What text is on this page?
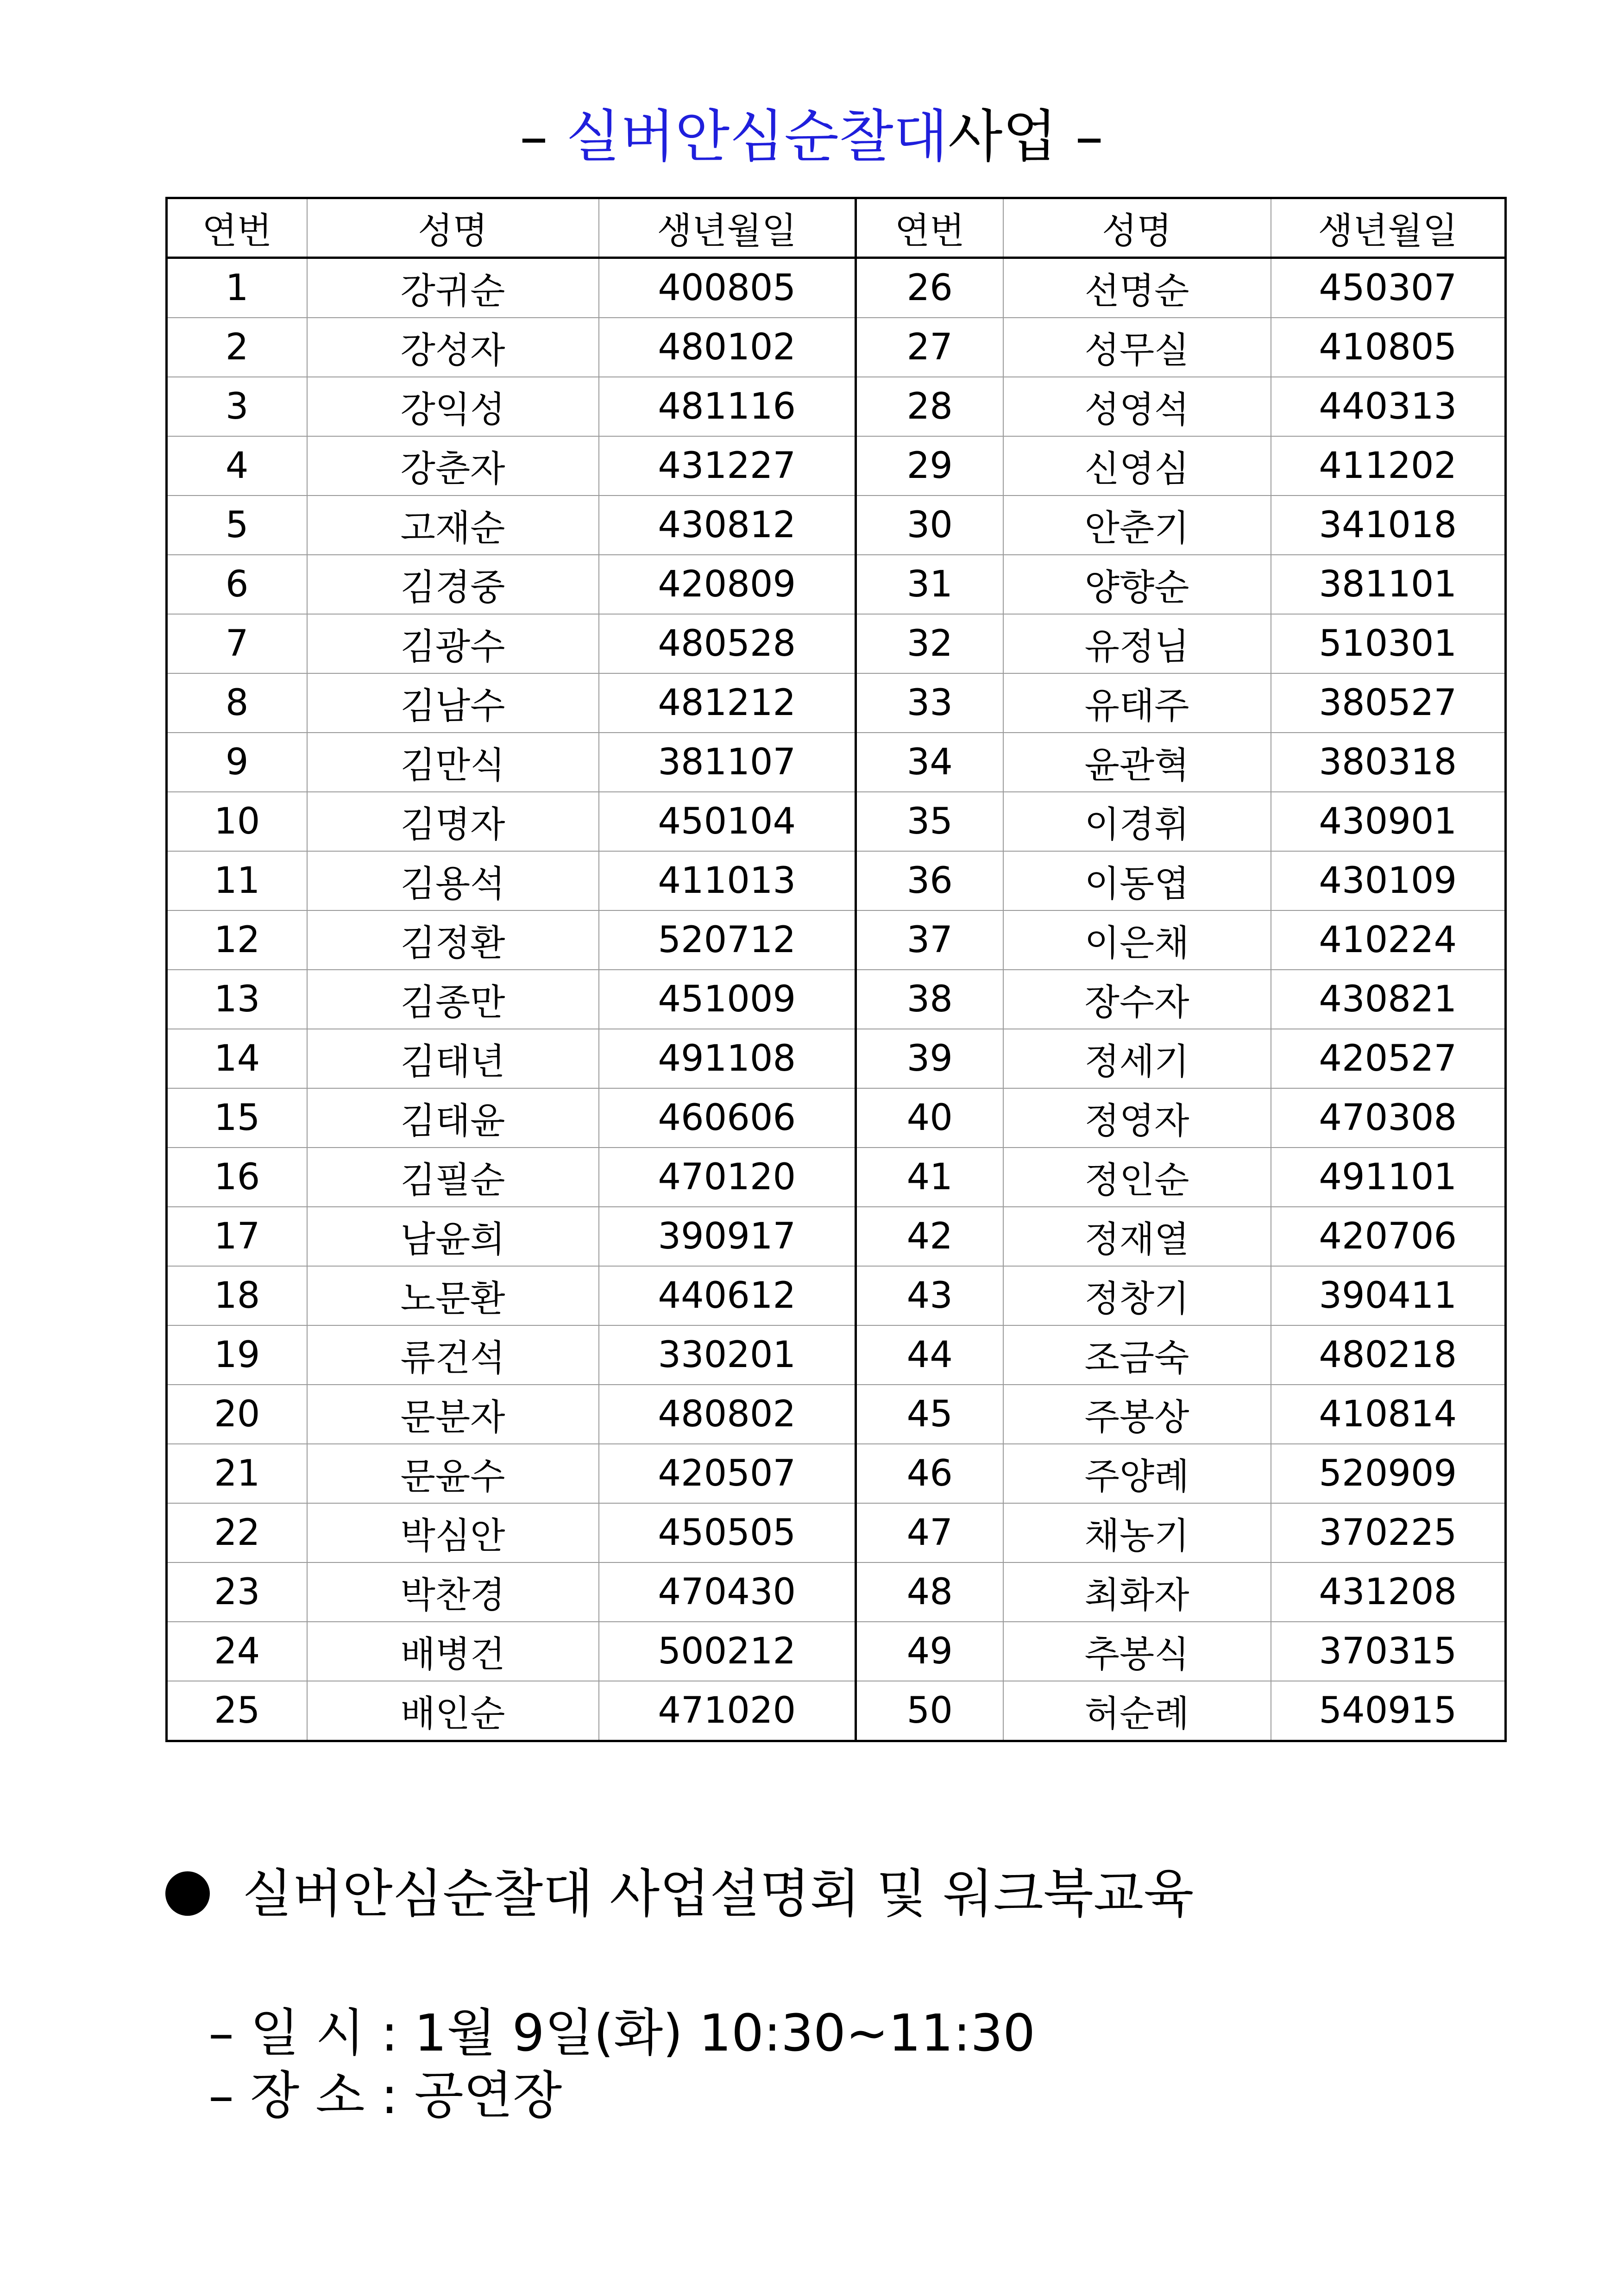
– 실버안심순찰대사업 –
연번	성명	생년월일	연번	성명	생년월일
1	강귀순	400805	26	선명순	450307
2	강성자	480102	27	성무실	410805
3	강익성	481116	28	성영석	440313
4	강춘자	431227	29	신영심	411202
5	고재순	430812	30	안춘기	341018
6	김경중	420809	31	양향순	381101
7	김광수	480528	32	유정님	510301
8	김남수	481212	33	유태주	380527
9	김만식	381107	34	윤관혁	380318
10	김명자	450104	35	이경휘	430901
11	김용석	411013	36	이동엽	430109
12	김정환	520712	37	이은채	410224
13	김종만	451009	38	장수자	430821
14	김태년	491108	39	정세기	420527
15	김태윤	460606	40	정영자	470308
16	김필순	470120	41	정인순	491101
17	남윤희	390917	42	정재열	420706
18	노문환	440612	43	정창기	390411
19	류건석	330201	44	조금숙	480218
20	문분자	480802	45	주봉상	410814
21	문윤수	420507	46	주양례	520909
22	박심안	450505	47	채농기	370225
23	박찬경	470430	48	최화자	431208
24	배병건	500212	49	추봉식	370315
25	배인순	471020	50	허순례	540915
실버안심순찰대 사업설명회 및 워크북교육
– 일 시 : 1월 9일(화) 10:30~11:30
– 장 소 : 공연장
